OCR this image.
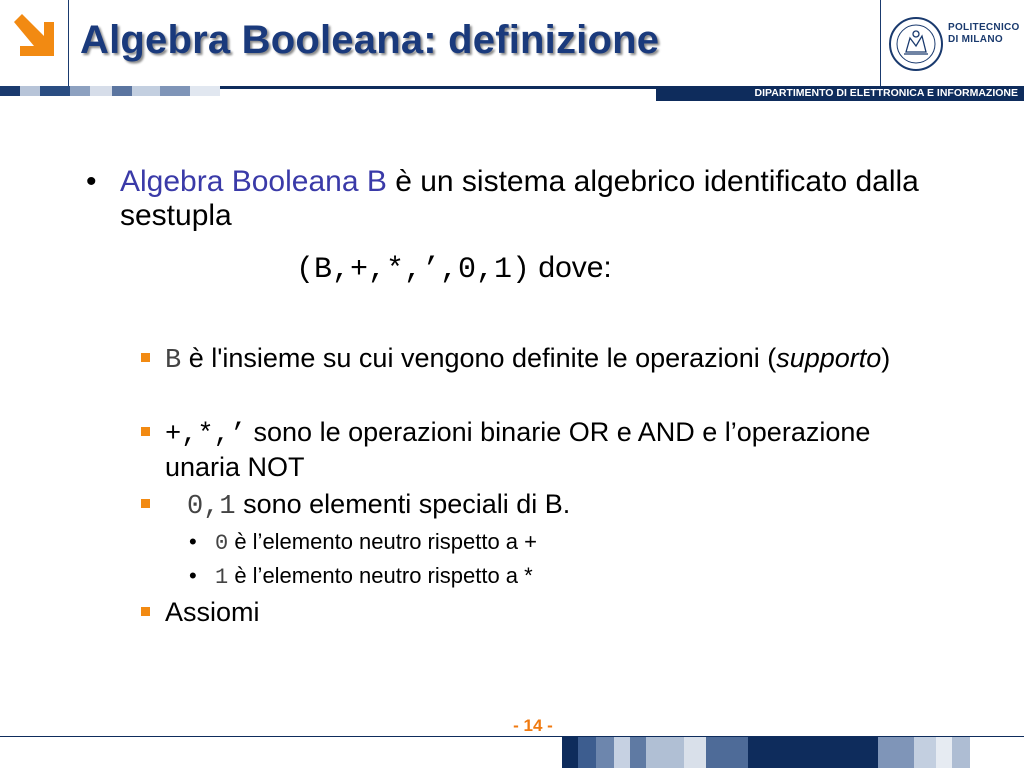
Algebra Booleana: definizione	POLITECNICO
DI MILANO
DIPARTIMENTO DI ELETTRONICA E INFORMAZIONE
• Algebra Booleana B è un sistema algebrico identificato dalla sestupla
(B,+,*,’,0,1) dove:
B è l'insieme su cui vengono definite le operazioni (supporto)
+,*,’ sono le operazioni binarie OR e AND e l’operazione unaria NOT
0,1 sono elementi speciali di B.
• 0 è l’elemento neutro rispetto a +
• 1 è l’elemento neutro rispetto a *
Assiomi
- 14 -
